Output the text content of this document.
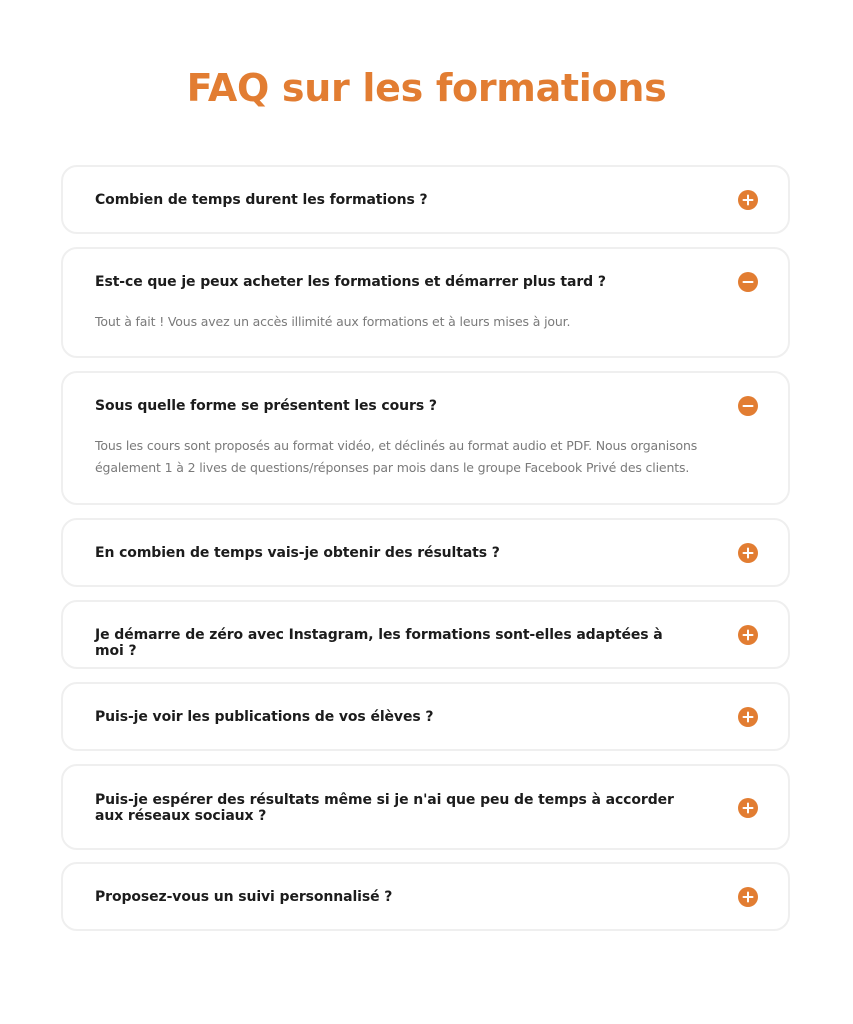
FAQ sur les formations
Combien de temps durent les formations ?
Est-ce que je peux acheter les formations et démarrer plus tard ?
Tout à fait ! Vous avez un accès illimité aux formations et à leurs mises à jour.
Sous quelle forme se présentent les cours ?
Tous les cours sont proposés au format vidéo, et déclinés au format audio et PDF. Nous organisons également 1 à 2 lives de questions/réponses par mois dans le groupe Facebook Privé des clients.
En combien de temps vais-je obtenir des résultats ?
Je démarre de zéro avec Instagram, les formations sont-elles adaptées à moi ?
Puis-je voir les publications de vos élèves ?
Puis-je espérer des résultats même si je n'ai que peu de temps à accorder aux réseaux sociaux ?
Proposez-vous un suivi personnalisé ?
